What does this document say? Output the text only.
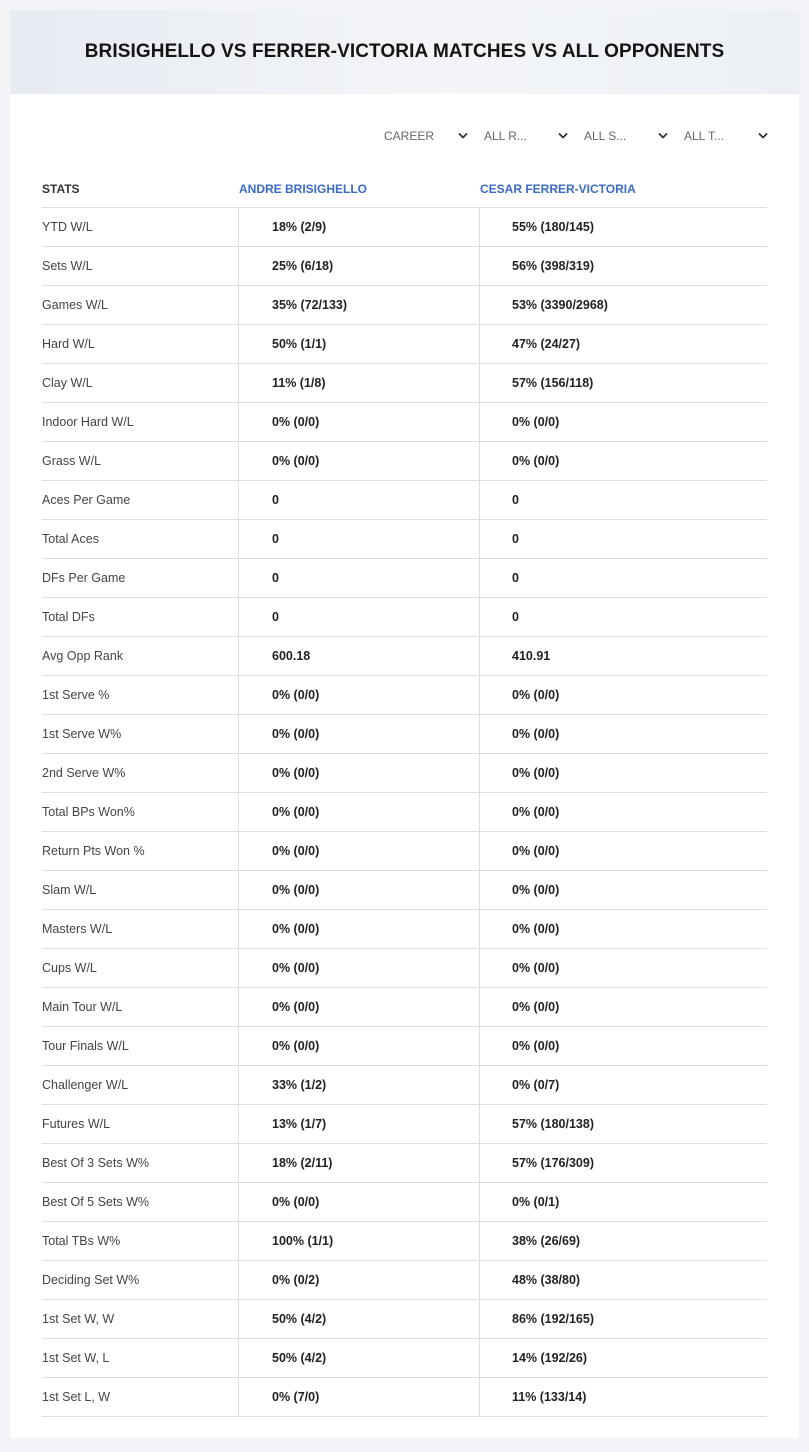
BRISIGHELLO VS FERRER-VICTORIA MATCHES VS ALL OPPONENTS
CAREER	ALL R...	ALL S...	ALL T...
STATS	ANDRE BRISIGHELLO	CESAR FERRER-VICTORIA
YTD W/L	18% (2/9)	55% (180/145)
Sets W/L	25% (6/18)	56% (398/319)
Games W/L	35% (72/133)	53% (3390/2968)
Hard W/L	50% (1/1)	47% (24/27)
Clay W/L	11% (1/8)	57% (156/118)
Indoor Hard W/L	0% (0/0)	0% (0/0)
Grass W/L	0% (0/0)	0% (0/0)
Aces Per Game	0	0
Total Aces	0	0
DFs Per Game	0	0
Total DFs	0	0
Avg Opp Rank	600.18	410.91
1st Serve %	0% (0/0)	0% (0/0)
1st Serve W%	0% (0/0)	0% (0/0)
2nd Serve W%	0% (0/0)	0% (0/0)
Total BPs Won%	0% (0/0)	0% (0/0)
Return Pts Won %	0% (0/0)	0% (0/0)
Slam W/L	0% (0/0)	0% (0/0)
Masters W/L	0% (0/0)	0% (0/0)
Cups W/L	0% (0/0)	0% (0/0)
Main Tour W/L	0% (0/0)	0% (0/0)
Tour Finals W/L	0% (0/0)	0% (0/0)
Challenger W/L	33% (1/2)	0% (0/7)
Futures W/L	13% (1/7)	57% (180/138)
Best Of 3 Sets W%	18% (2/11)	57% (176/309)
Best Of 5 Sets W%	0% (0/0)	0% (0/1)
Total TBs W%	100% (1/1)	38% (26/69)
Deciding Set W%	0% (0/2)	48% (38/80)
1st Set W, W	50% (4/2)	86% (192/165)
1st Set W, L	50% (4/2)	14% (192/26)
1st Set L, W	0% (7/0)	11% (133/14)
